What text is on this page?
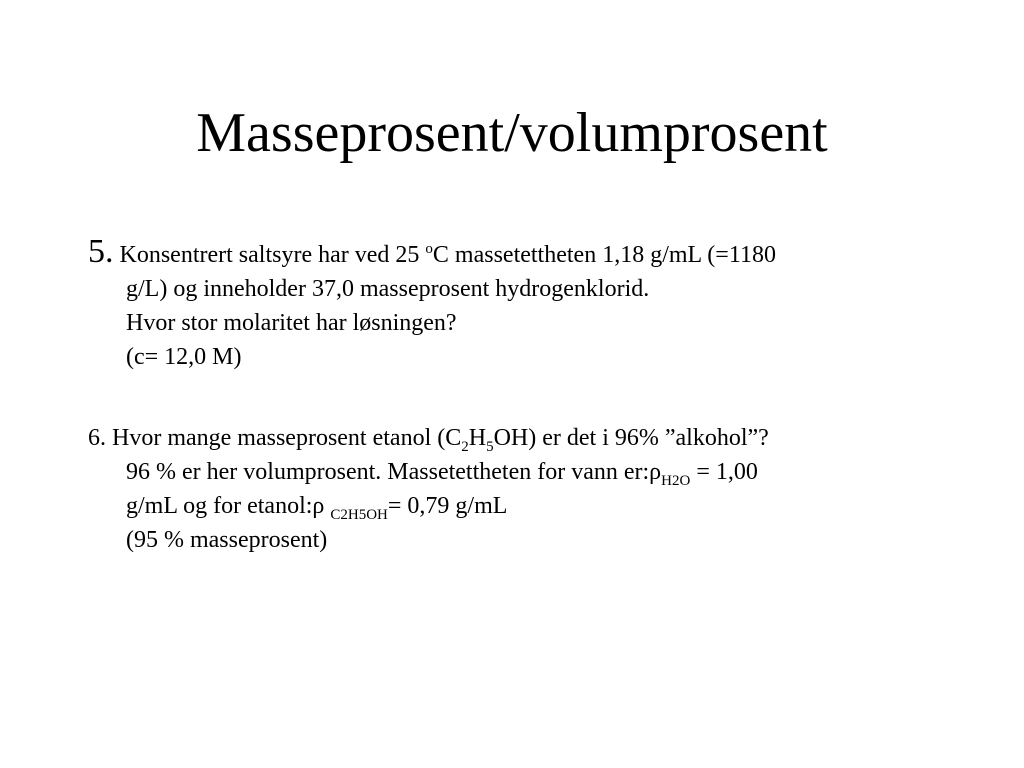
Masseprosent/volumprosent
5. Konsentrert saltsyre har ved 25 $^o$C massetettheten 1,18 g/mL (=1180
g/L) og inneholder 37,0 masseprosent hydrogenklorid.
Hvor stor molaritet har løsningen?
(c= 12,0 M)
6. Hvor mange masseprosent etanol $(C_2H_5OH)$ er det i 96% ”alkohol”?
96 % er her volumprosent. Massetettheten for vann $er:\rho_{H2O} = 1,00$
g/mL og for etanol:ρ $_{C2H5OH}$= 0,79 g/mL
(95 % masseprosent)
